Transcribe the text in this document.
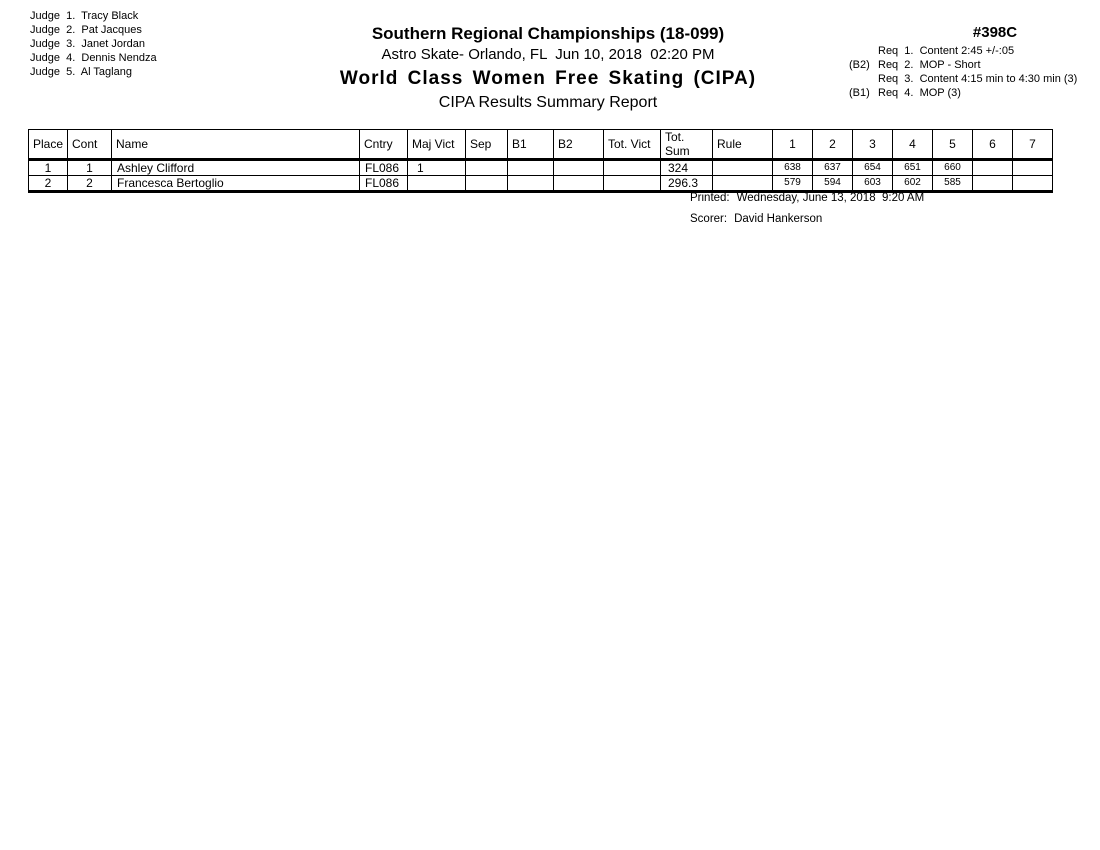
Judge  1.  Tracy Black
Judge  2.  Pat Jacques
Judge  3.  Janet Jordan
Judge  4.  Dennis Nendza
Judge  5.  Al Taglang
Southern Regional Championships (18-099)
Astro Skate- Orlando, FL  Jun 10, 2018  02:20 PM
World Class Women Free Skating (CIPA)
CIPA Results Summary Report
#398C
Req  1.  Content 2:45 +/-:05
(B2) Req  2.  MOP - Short
Req  3.  Content 4:15 min to 4:30 min (3)
(B1) Req  4.  MOP (3)
Place	Cont	Name	Cntry	Maj Vict	Sep	B1	B2	Tot. Vict	Tot. Sum	Rule	1	2	3	4	5	6	7
1	1	Ashley Clifford	FL086	1					324		638	637	654	651	660		
2	2	Francesca Bertoglio	FL086						296.3		579	594	603	602	585		
Printed: Wednesday, June 13, 2018  9:20 AM
Scorer: David Hankerson
